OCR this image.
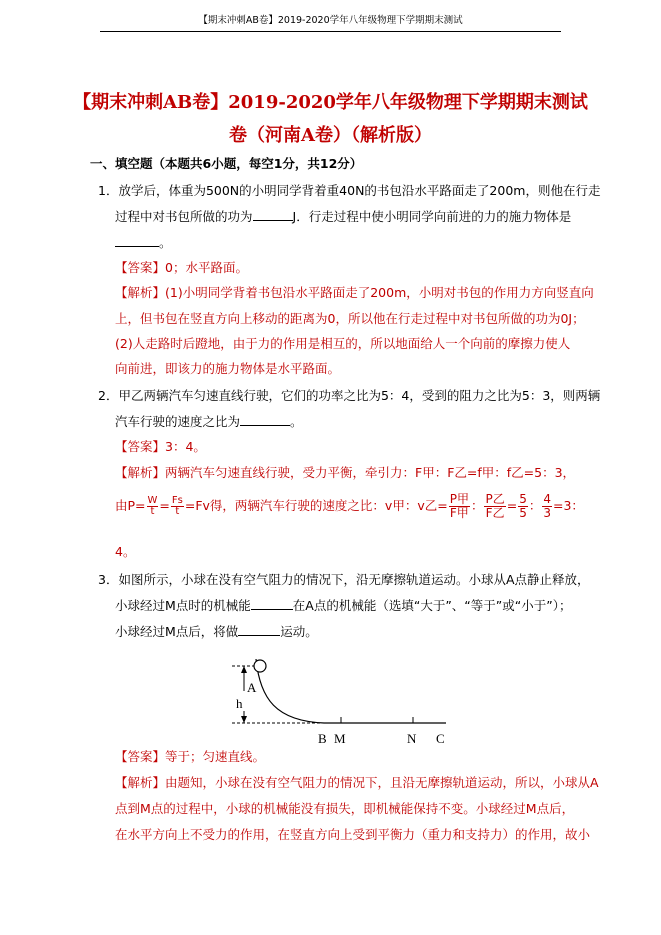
【期末冲刺AB卷】2019-2020学年八年级物理下学期期末测试
【期末冲刺AB卷】2019-2020学年八年级物理下学期期末测试
卷（河南A卷）（解析版）
一、填空题（本题共6小题，每空1分，共12分）
1．放学后，体重为500N的小明同学背着重40N的书包沿水平路面走了200m，则他在行走
过程中对书包所做的功为	J．行走过程中使小明同学向前进的力的施力物体是
。
【答案】0；水平路面。
【解析】(1)小明同学背着书包沿水平路面走了200m，小明对书包的作用力方向竖直向
上，但书包在竖直方向上移动的距离为0，所以他在行走过程中对书包所做的功为0J；
(2)人走路时后蹬地，由于力的作用是相互的，所以地面给人一个向前的摩擦力使人
向前进，即该力的施力物体是水平路面。
2．甲乙两辆汽车匀速直线行驶，它们的功率之比为5：4，受到的阻力之比为5：3，则两辆
汽车行驶的速度之比为	。
【答案】3：4。
【解析】两辆汽车匀速直线行驶，受力平衡，牵引力：F甲：F乙=f甲：f乙=5：3，
由$P= \frac{W}{t} = \frac{Fs}{t} =Fv$得，两辆汽车行驶的速度之比：v甲：v乙= $\frac{\text{P甲}}{\text{F甲}}$ ： $\frac{\text{P乙}}{\text{F乙}} = \frac{5}{5}$ ： $\frac{4}{3} =3$：
4。
3．如图所示，小球在没有空气阻力的情况下，沿无摩擦轨道运动。小球从A点静止释放，
小球经过M点时的机械能	在A点的机械能（选填“大于”、“等于”或“小于”）；
小球经过M点后，将做	运动。
A
h
B M	N C
【答案】等于；匀速直线。
【解析】由题知，小球在没有空气阻力的情况下，且沿无摩擦轨道运动，所以，小球从A
点到M点的过程中，小球的机械能没有损失，即机械能保持不变。小球经过M点后，
在水平方向上不受力的作用，在竖直方向上受到平衡力（重力和支持力）的作用，故小
